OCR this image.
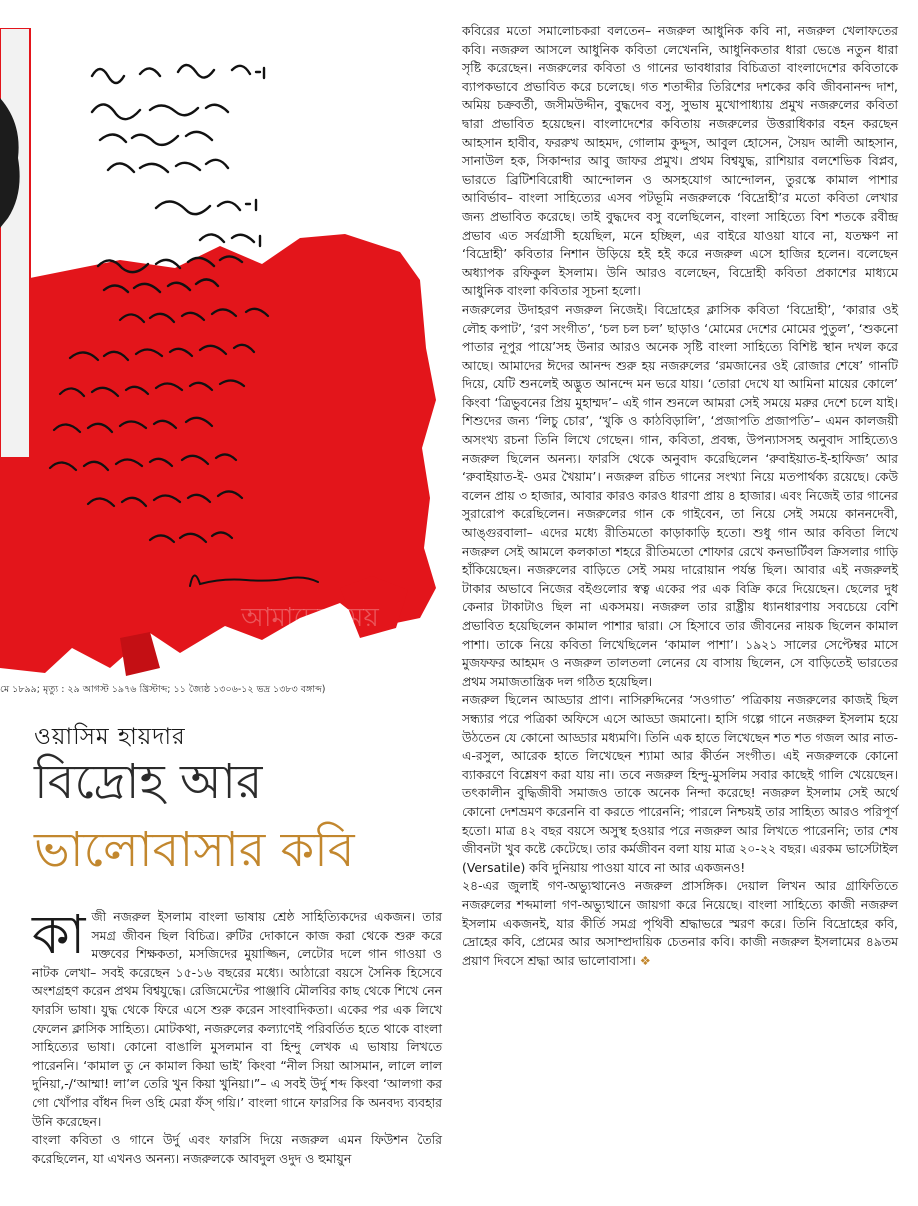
আমাদেরসময়
মে ১৮৯৯; মৃত্যু : ২৯ আগস্ট ১৯৭৬ খ্রিস্টাব্দ; ১১ জ্যৈষ্ঠ ১৩০৬-১২ ভদ্র ১৩৮৩ বঙ্গাব্দ)
ওয়াসিম হায়দার
বিদ্রোহ আর
ভালোবাসার কবি

কাজী নজরুল ইসলাম বাংলা ভাষায় শ্রেষ্ঠ সাহিত্যিকদের একজন। তার সমগ্র জীবন ছিল বিচিত্র। রুটির দোকানে কাজ করা থেকে শুরু করে মক্তবের শিক্ষকতা, মসজিদের মুয়াজ্জিন, লেটোর দলে গান গাওয়া ও নাটক লেখা– সবই করেছেন ১৫-১৬ বছরের মধ্যে। আঠারো বয়সে সৈনিক হিসেবে অংশগ্রহণ করেন প্রথম বিশ্বযুদ্ধে। রেজিমেন্টের পাঞ্জাবি মৌলবির কাছ থেকে শিখে নেন ফারসি ভাষা। যুদ্ধ থেকে ফিরে এসে শুরু করেন সাংবাদিকতা। একের পর এক লিখে ফেলেন ক্লাসিক সাহিত্য। মোটকথা, নজরুলের কল্যাণেই পরিবর্তিত হতে থাকে বাংলা সাহিত্যের ভাষা। কোনো বাঙালি মুসলমান বা হিন্দু লেখক এ ভাষায় লিখতে পারেননি। ‘কামাল তু নে কামাল কিয়া ভাই’ কিংবা “নীল সিয়া আসমান, লালে লাল দুনিয়া,-/‘আম্মা! লা’ল তেরি খুন কিয়া খুনিয়া।”– এ সবই উর্দু শব্দ কিংবা ‘আলগা কর গো খোঁপার বাঁধন দিল ওহি মেরা ফঁস্ গয়ি।’ বাংলা গানে ফারসির কি অনবদ্য ব্যবহার উনি করেছেন।

বাংলা কবিতা ও গানে উর্দু এবং ফারসি দিয়ে নজরুল এমন ফিউশন তৈরি করেছিলেন, যা এখনও অনন্য। নজরুলকে আবদুল ওদুদ ও হুমায়ুন

কবিরের মতো সমালোচকরা বলতেন– নজরুল আধুনিক কবি না, নজরুল খেলাফতের কবি। নজরুল আসলে আধুনিক কবিতা লেখেননি, আধুনিকতার ধারা ভেঙে নতুন ধারা সৃষ্টি করেছেন। নজরুলের কবিতা ও গানের ভাবধারার বিচিত্রতা বাংলাদেশের কবিতাকে ব্যাপকভাবে প্রভাবিত করে চলেছে। গত শতাব্দীর তিরিশের দশকের কবি জীবনানন্দ দাশ, অমিয় চক্রবর্তী, জসীমউদ্দীন, বুদ্ধদেব বসু, সুভাষ মুখোপাধ্যায় প্রমুখ নজরুলের কবিতা দ্বারা প্রভাবিত হয়েছেন। বাংলাদেশের কবিতায় নজরুলের উত্তরাধিকার বহন করছেন আহসান হাবীব, ফররুখ আহমদ, গোলাম কুদ্দুস, আবুল হোসেন, সৈয়দ আলী আহসান, সানাউল হক, সিকান্দার আবু জাফর প্রমুখ। প্রথম বিশ্বযুদ্ধ, রাশিয়ার বলশেভিক বিপ্লব, ভারতে ব্রিটিশবিরোধী আন্দোলন ও অসহযোগ আন্দোলন, তুরস্কে কামাল পাশার আবির্ভাব– বাংলা সাহিত্যের এসব পটভূমি নজরুলকে ‘বিদ্রোহী’র মতো কবিতা লেখার জন্য প্রভাবিত করেছে। তাই বুদ্ধদেব বসু বলেছিলেন, বাংলা সাহিত্যে বিশ শতকে রবীন্দ্র প্রভাব এত সর্বগ্রাসী হয়েছিল, মনে হচ্ছিল, এর বাইরে যাওয়া যাবে না, যতক্ষণ না ‘বিদ্রোহী’ কবিতার নিশান উড়িয়ে হই হই করে নজরুল এসে হাজির হলেন। বলেছেন অধ্যাপক রফিকুল ইসলাম। উনি আরও বলেছেন, বিদ্রোহী কবিতা প্রকাশের মাধ্যমে আধুনিক বাংলা কবিতার সূচনা হলো।

নজরুলের উদাহরণ নজরুল নিজেই। বিদ্রোহের ক্লাসিক কবিতা ‘বিদ্রোহী’, ‘কারার ওই লৌহ কপাট’, ‘রণ সংগীত’, ‘চল চল চল’ ছাড়াও ‘মোমের দেশের মোমের পুতুল’, ‘শুকনো পাতার নূপুর পায়ে’সহ উনার আরও অনেক সৃষ্টি বাংলা সাহিত্যে বিশিষ্ট স্থান দখল করে আছে। আমাদের ঈদের আনন্দ শুরু হয় নজরুলের ‘রমজানের ওই রোজার শেষে’ গানটি দিয়ে, যেটি শুনলেই অদ্ভুত আনন্দে মন ভরে যায়। ‘তোরা দেখে যা আমিনা মায়ের কোলে’ কিংবা ‘ত্রিভুবনের প্রিয় মুহাম্মদ’– এই গান শুনলে আমরা সেই সময়ে মরুর দেশে চলে যাই। শিশুদের জন্য ‘লিচু চোর’, ‘খুকি ও কাঠবিড়ালি’, ‘প্রজাপতি প্রজাপতি’– এমন কালজয়ী অসংখ্য রচনা তিনি লিখে গেছেন। গান, কবিতা, প্রবন্ধ, উপন্যাসসহ অনুবাদ সাহিত্যেও নজরুল ছিলেন অনন্য। ফারসি থেকে অনুবাদ করেছিলেন ‘রুবাইয়াত-ই-হাফিজ’ আর ‘রুবাইয়াত-ই- ওমর খৈয়াম’। নজরুল রচিত গানের সংখ্যা নিয়ে মতপার্থক্য রয়েছে। কেউ বলেন প্রায় ৩ হাজার, আবার কারও কারও ধারণা প্রায় ৪ হাজার। এবং নিজেই তার গানের সুরারোপ করেছিলেন। নজরুলের গান কে গাইবেন, তা নিয়ে সেই সময়ে কাননদেবী, আঙ্গুরবালা– এদের মধ্যে রীতিমতো কাড়াকাড়ি হতো। শুধু গান আর কবিতা লিখে নজরুল সেই আমলে কলকাতা শহরে রীতিমতো শোফার রেখে কনভার্টিবল ক্রিসলার গাড়ি হাঁকিয়েছেন। নজরুলের বাড়িতে সেই সময় দারোয়ান পর্যন্ত ছিল। আবার এই নজরুলই টাকার অভাবে নিজের বইগুলোর স্বত্ব একের পর এক বিক্রি করে দিয়েছেন। ছেলের দুধ কেনার টাকাটাও ছিল না একসময়। নজরুল তার রাষ্ট্রীয় ধ্যানধারণায় সবচেয়ে বেশি প্রভাবিত হয়েছিলেন কামাল পাশার দ্বারা। সে হিসাবে তার জীবনের নায়ক ছিলেন কামাল পাশা। তাকে নিয়ে কবিতা লিখেছিলেন ‘কামাল পাশা’। ১৯২১ সালের সেপ্টেম্বর মাসে মুজফফর আহমদ ও নজরুল তালতলা লেনের যে বাসায় ছিলেন, সে বাড়িতেই ভারতের প্রথম সমাজতান্ত্রিক দল গঠিত হয়েছিল।

নজরুল ছিলেন আড্ডার প্রাণ। নাসিরুদ্দিনের ‘সওগাত’ পত্রিকায় নজরুলের কাজই ছিল সন্ধ্যার পরে পত্রিকা অফিসে এসে আড্ডা জমানো। হাসি গল্পে গানে নজরুল ইসলাম হয়ে উঠতেন যে কোনো আড্ডার মধ্যমণি। তিনি এক হাতে লিখেছেন শত শত গজল আর নাত-এ-রসুল, আরেক হাতে লিখেছেন শ্যামা আর কীর্তন সংগীত। এই নজরুলকে কোনো ব্যাকরণে বিশ্লেষণ করা যায় না। তবে নজরুল হিন্দু-মুসলিম সবার কাছেই গালি খেয়েছেন। তৎকালীন বুদ্ধিজীবী সমাজও তাকে অনেক নিন্দা করেছে! নজরুল ইসলাম সেই অর্থে কোনো দেশভ্রমণ করেননি বা করতে পারেননি; পারলে নিশ্চয়ই তার সাহিত্য আরও পরিপূর্ণ হতো। মাত্র ৪২ বছর বয়সে অসুস্থ হওয়ার পরে নজরুল আর লিখতে পারেননি; তার শেষ জীবনটা খুব কষ্টে কেটেছে। তার কর্মজীবন বলা যায় মাত্র ২০-২২ বছর। এরকম ভার্সেটাইল (Versatile) কবি দুনিয়ায় পাওয়া যাবে না আর একজনও!

২৪-এর জুলাই গণ-অভ্যুত্থানেও নজরুল প্রাসঙ্গিক। দেয়াল লিখন আর গ্রাফিতিতে নজরুলের শব্দমালা গণ-অভ্যুত্থানে জায়গা করে নিয়েছে। বাংলা সাহিত্যে কাজী নজরুল ইসলাম একজনই, যার কীর্তি সমগ্র পৃথিবী শ্রদ্ধাভরে স্মরণ করে। তিনি বিদ্রোহের কবি, দ্রোহের কবি, প্রেমের আর অসাম্প্রদায়িক চেতনার কবি। কাজী নজরুল ইসলামের ৪৯তম প্রয়াণ দিবসে শ্রদ্ধা আর ভালোবাসা। ❖
